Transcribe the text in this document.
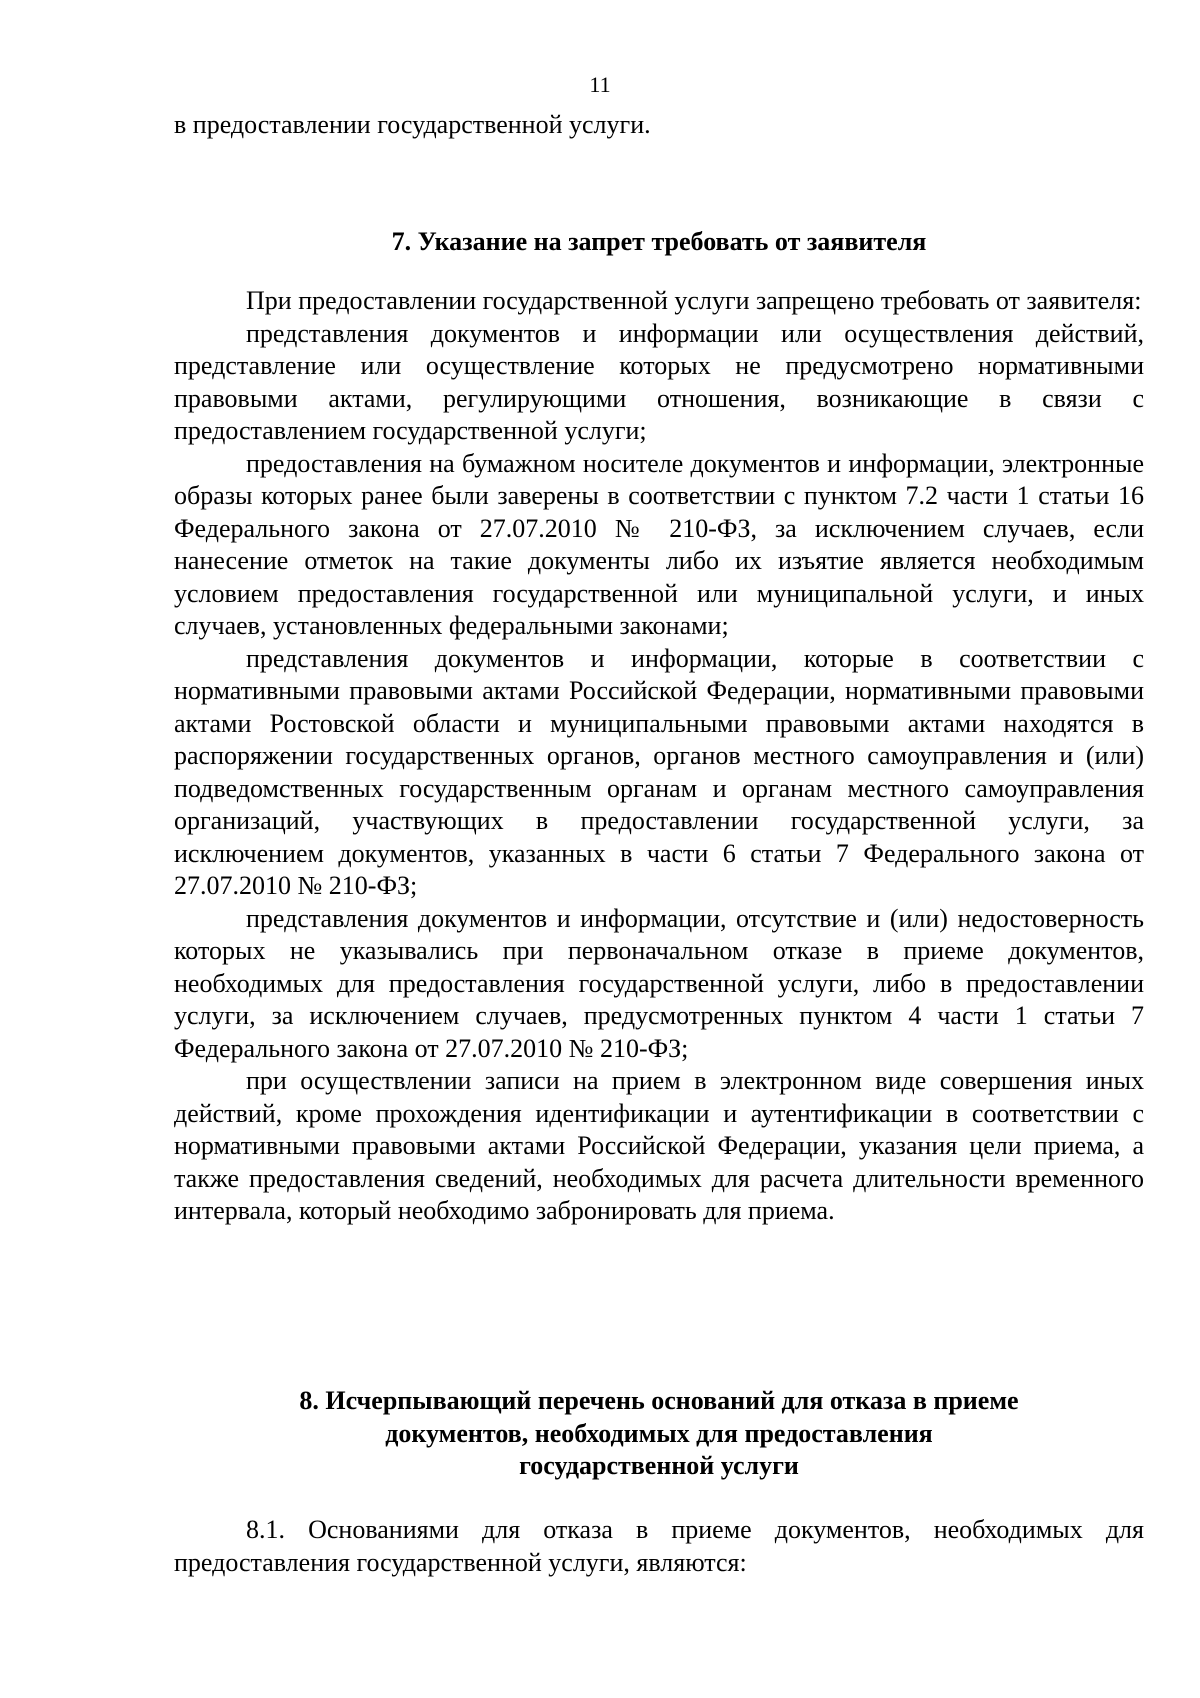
11

в предоставлении государственной услуги.

7. Указание на запрет требовать от заявителя

При предоставлении государственной услуги запрещено требовать от заявителя:

представления документов и информации или осуществления действий, представление или осуществление которых не предусмотрено нормативными правовыми актами, регулирующими отношения, возникающие в связи с предоставлением государственной услуги;

предоставления на бумажном носителе документов и информации, электронные образы которых ранее были заверены в соответствии с пунктом 7.2 части 1 статьи 16 Федерального закона от 27.07.2010 № 210-ФЗ, за исключением случаев, если нанесение отметок на такие документы либо их изъятие является необходимым условием предоставления государственной или муниципальной услуги, и иных случаев, установленных федеральными законами;

представления документов и информации, которые в соответствии с нормативными правовыми актами Российской Федерации, нормативными правовыми актами Ростовской области и муниципальными правовыми актами находятся в распоряжении государственных органов, органов местного самоуправления и (или) подведомственных государственным органам и органам местного самоуправления организаций, участвующих в предоставлении государственной услуги, за исключением документов, указанных в части 6 статьи 7 Федерального закона от 27.07.2010 № 210-ФЗ;

представления документов и информации, отсутствие и (или) недостоверность которых не указывались при первоначальном отказе в приеме документов, необходимых для предоставления государственной услуги, либо в предоставлении услуги, за исключением случаев, предусмотренных пунктом 4 части 1 статьи 7 Федерального закона от 27.07.2010 № 210-ФЗ;

при осуществлении записи на прием в электронном виде совершения иных действий, кроме прохождения идентификации и аутентификации в соответствии с нормативными правовыми актами Российской Федерации, указания цели приема, а также предоставления сведений, необходимых для расчета длительности временного интервала, который необходимо забронировать для приема.

8. Исчерпывающий перечень оснований для отказа в приеме
документов, необходимых для предоставления
государственной услуги

8.1. Основаниями для отказа в приеме документов, необходимых для предоставления государственной услуги, являются:
